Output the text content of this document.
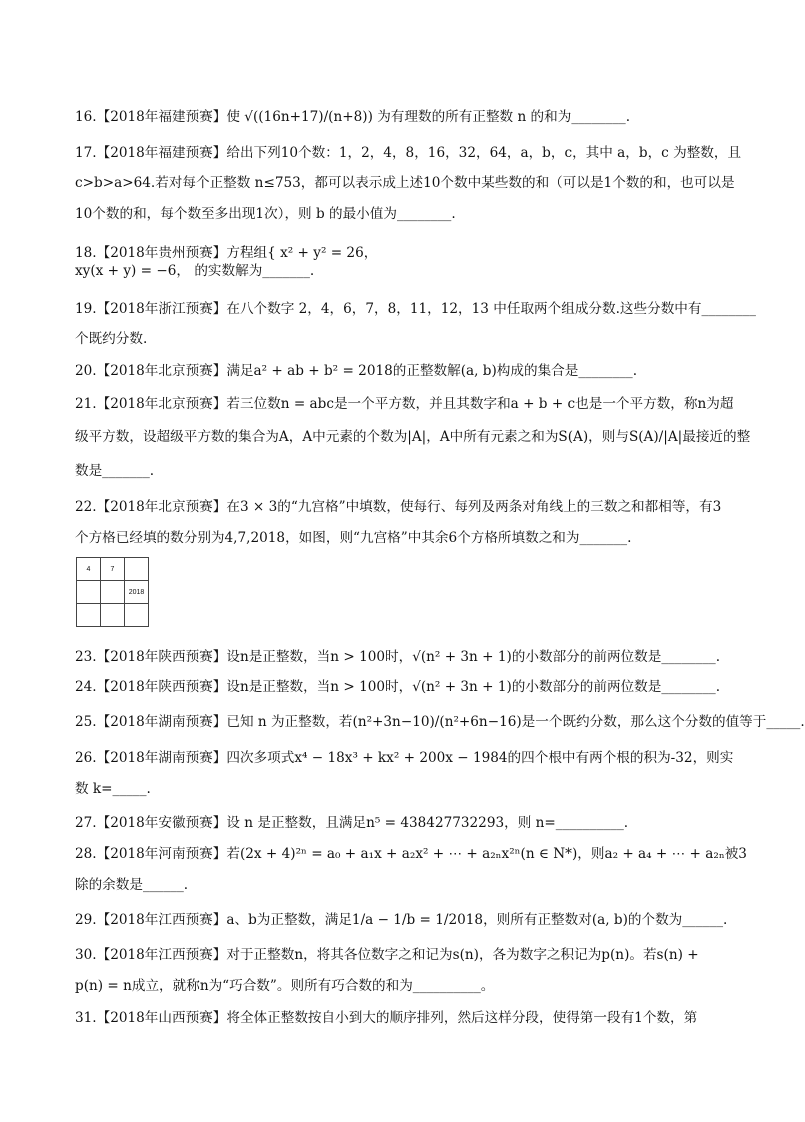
16.【2018年福建预赛】使 √((16n+17)/(n+8)) 为有理数的所有正整数 n 的和为________.
17.【2018年福建预赛】给出下列10个数：1，2，4，8，16，32，64，a，b，c，其中 a，b，c 为整数，且
c>b>a>64.若对每个正整数 n≤753，都可以表示成上述10个数中某些数的和（可以是1个数的和，也可以是
10个数的和，每个数至多出现1次），则 b 的最小值为________.
18.【2018年贵州预赛】方程组{ x² + y² = 26，
xy(x + y) = −6， 的实数解为_______.
19.【2018年浙江预赛】在八个数字 2，4，6，7，8，11，12，13 中任取两个组成分数.这些分数中有________
个既约分数.
20.【2018年北京预赛】满足a² + ab + b² = 2018的正整数解(a, b)构成的集合是________.
21.【2018年北京预赛】若三位数n = abc是一个平方数，并且其数字和a + b + c也是一个平方数，称n为超
级平方数，设超级平方数的集合为A，A中元素的个数为|A|，A中所有元素之和为S(A)，则与S(A)/|A|最接近的整
数是_______.
22.【2018年北京预赛】在3 × 3的“九宫格”中填数，使每行、每列及两条对角线上的三数之和都相等，有3
个方格已经填的数分别为4,7,2018，如图，则“九宫格”中其余6个方格所填数之和为_______.
4	7	
		2018

23.【2018年陕西预赛】设n是正整数，当n > 100时，√(n² + 3n + 1)的小数部分的前两位数是________.
24.【2018年陕西预赛】设n是正整数，当n > 100时，√(n² + 3n + 1)的小数部分的前两位数是________.
25.【2018年湖南预赛】已知 n 为正整数，若(n²+3n−10)/(n²+6n−16)是一个既约分数，那么这个分数的值等于_____.
26.【2018年湖南预赛】四次多项式x⁴ − 18x³ + kx² + 200x − 1984的四个根中有两个根的积为-32，则实
数 k=_____.
27.【2018年安徽预赛】设 n 是正整数，且满足n⁵ = 438427732293，则 n=__________.
28.【2018年河南预赛】若(2x + 4)²ⁿ = a₀ + a₁x + a₂x² + ⋯ + a₂ₙx²ⁿ(n ∈ N*)，则a₂ + a₄ + ⋯ + a₂ₙ被3
除的余数是______.
29.【2018年江西预赛】a、b为正整数，满足1/a − 1/b = 1/2018，则所有正整数对(a, b)的个数为______.
30.【2018年江西预赛】对于正整数n，将其各位数字之和记为s(n)，各为数字之积记为p(n)。若s(n) +
p(n) = n成立，就称n为“巧合数”。则所有巧合数的和为__________。
31.【2018年山西预赛】将全体正整数按自小到大的顺序排列，然后这样分段，使得第一段有1个数，第
